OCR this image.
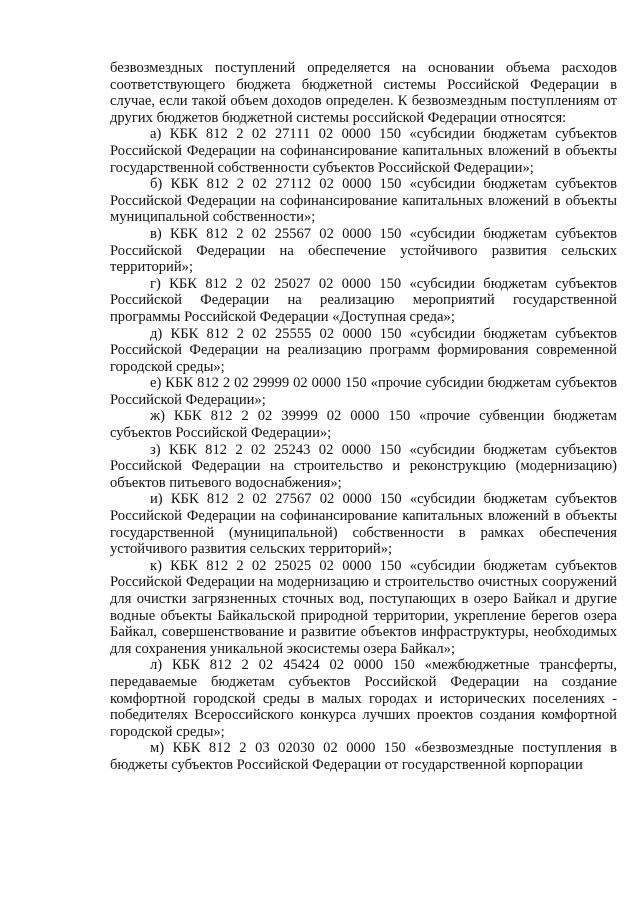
безвозмездных поступлений определяется на основании объема расходов соответствующего бюджета бюджетной системы Российской Федерации в случае, если такой объем доходов определен. К безвозмездным поступлениям от других бюджетов бюджетной системы российской Федерации относятся:

а) КБК 812 2 02 27111 02 0000 150 «субсидии бюджетам субъектов Российской Федерации на софинансирование капитальных вложений в объекты государственной собственности субъектов Российской Федерации»;

б) КБК 812 2 02 27112 02 0000 150 «субсидии бюджетам субъектов Российской Федерации на софинансирование капитальных вложений в объекты муниципальной собственности»;

в) КБК 812 2 02 25567 02 0000 150 «субсидии бюджетам субъектов Российской Федерации на обеспечение устойчивого развития сельских территорий»;

г) КБК 812 2 02 25027 02 0000 150 «субсидии бюджетам субъектов Российской Федерации на реализацию мероприятий государственной программы Российской Федерации «Доступная среда»;

д) КБК 812 2 02 25555 02 0000 150 «субсидии бюджетам субъектов Российской Федерации на реализацию программ формирования современной городской среды»;

е) КБК 812 2 02 29999 02 0000 150 «прочие субсидии бюджетам субъектов Российской Федерации»;

ж) КБК 812 2 02 39999 02 0000 150 «прочие субвенции бюджетам субъектов Российской Федерации»;

з) КБК 812 2 02 25243 02 0000 150 «субсидии бюджетам субъектов Российской Федерации на строительство и реконструкцию (модернизацию) объектов питьевого водоснабжения»;

и) КБК 812 2 02 27567 02 0000 150 «субсидии бюджетам субъектов Российской Федерации на софинансирование капитальных вложений в объекты государственной (муниципальной) собственности в рамках обеспечения устойчивого развития сельских территорий»;

к) КБК 812 2 02 25025 02 0000 150 «субсидии бюджетам субъектов Российской Федерации на модернизацию и строительство очистных сооружений для очистки загрязненных сточных вод, поступающих в озеро Байкал и другие водные объекты Байкальской природной территории, укрепление берегов озера Байкал, совершенствование и развитие объектов инфраструктуры, необходимых для сохранения уникальной экосистемы озера Байкал»;

л) КБК 812 2 02 45424 02 0000 150 «межбюджетные трансферты, передаваемые бюджетам субъектов Российской Федерации на создание комфортной городской среды в малых городах и исторических поселениях - победителях Всероссийского конкурса лучших проектов создания комфортной городской среды»;

м) КБК 812 2 03 02030 02 0000 150 «безвозмездные поступления в бюджеты субъектов Российской Федерации от государственной корпорации
